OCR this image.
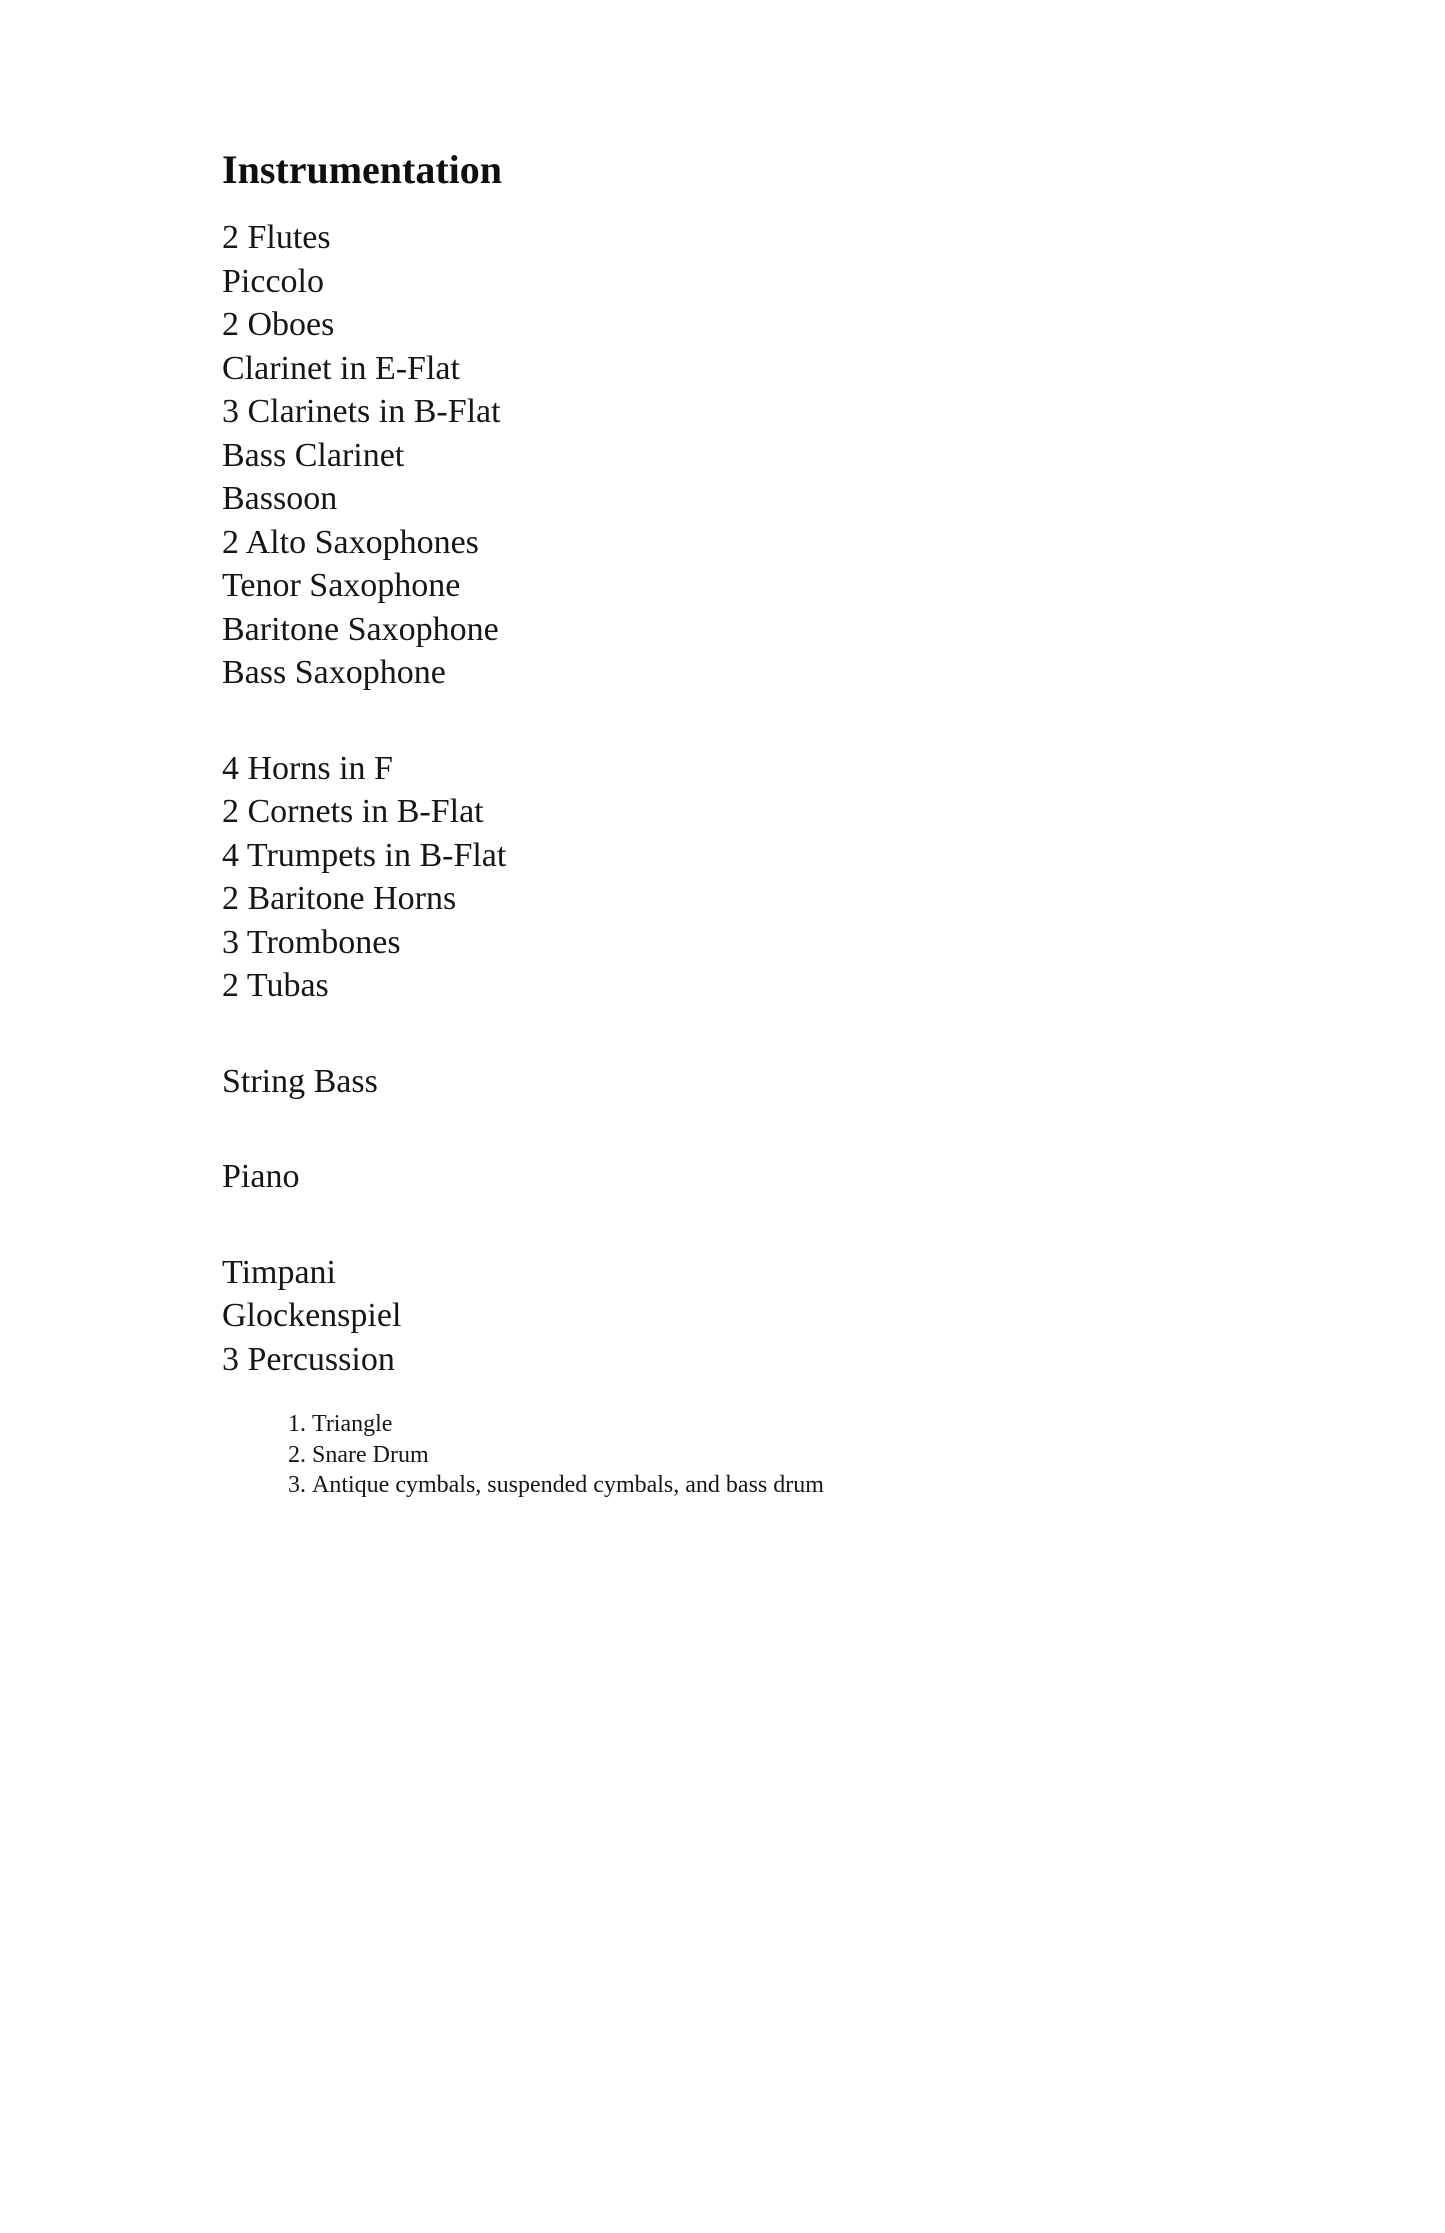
Instrumentation
2 Flutes
Piccolo
2 Oboes
Clarinet in E-Flat
3 Clarinets in B-Flat
Bass Clarinet
Bassoon
2 Alto Saxophones
Tenor Saxophone
Baritone Saxophone
Bass Saxophone
4 Horns in F
2 Cornets in B-Flat
4 Trumpets in B-Flat
2 Baritone Horns
3 Trombones
2 Tubas
String Bass
Piano
Timpani
Glockenspiel
3 Percussion
1. Triangle
2. Snare Drum
3. Antique cymbals, suspended cymbals, and bass drum
